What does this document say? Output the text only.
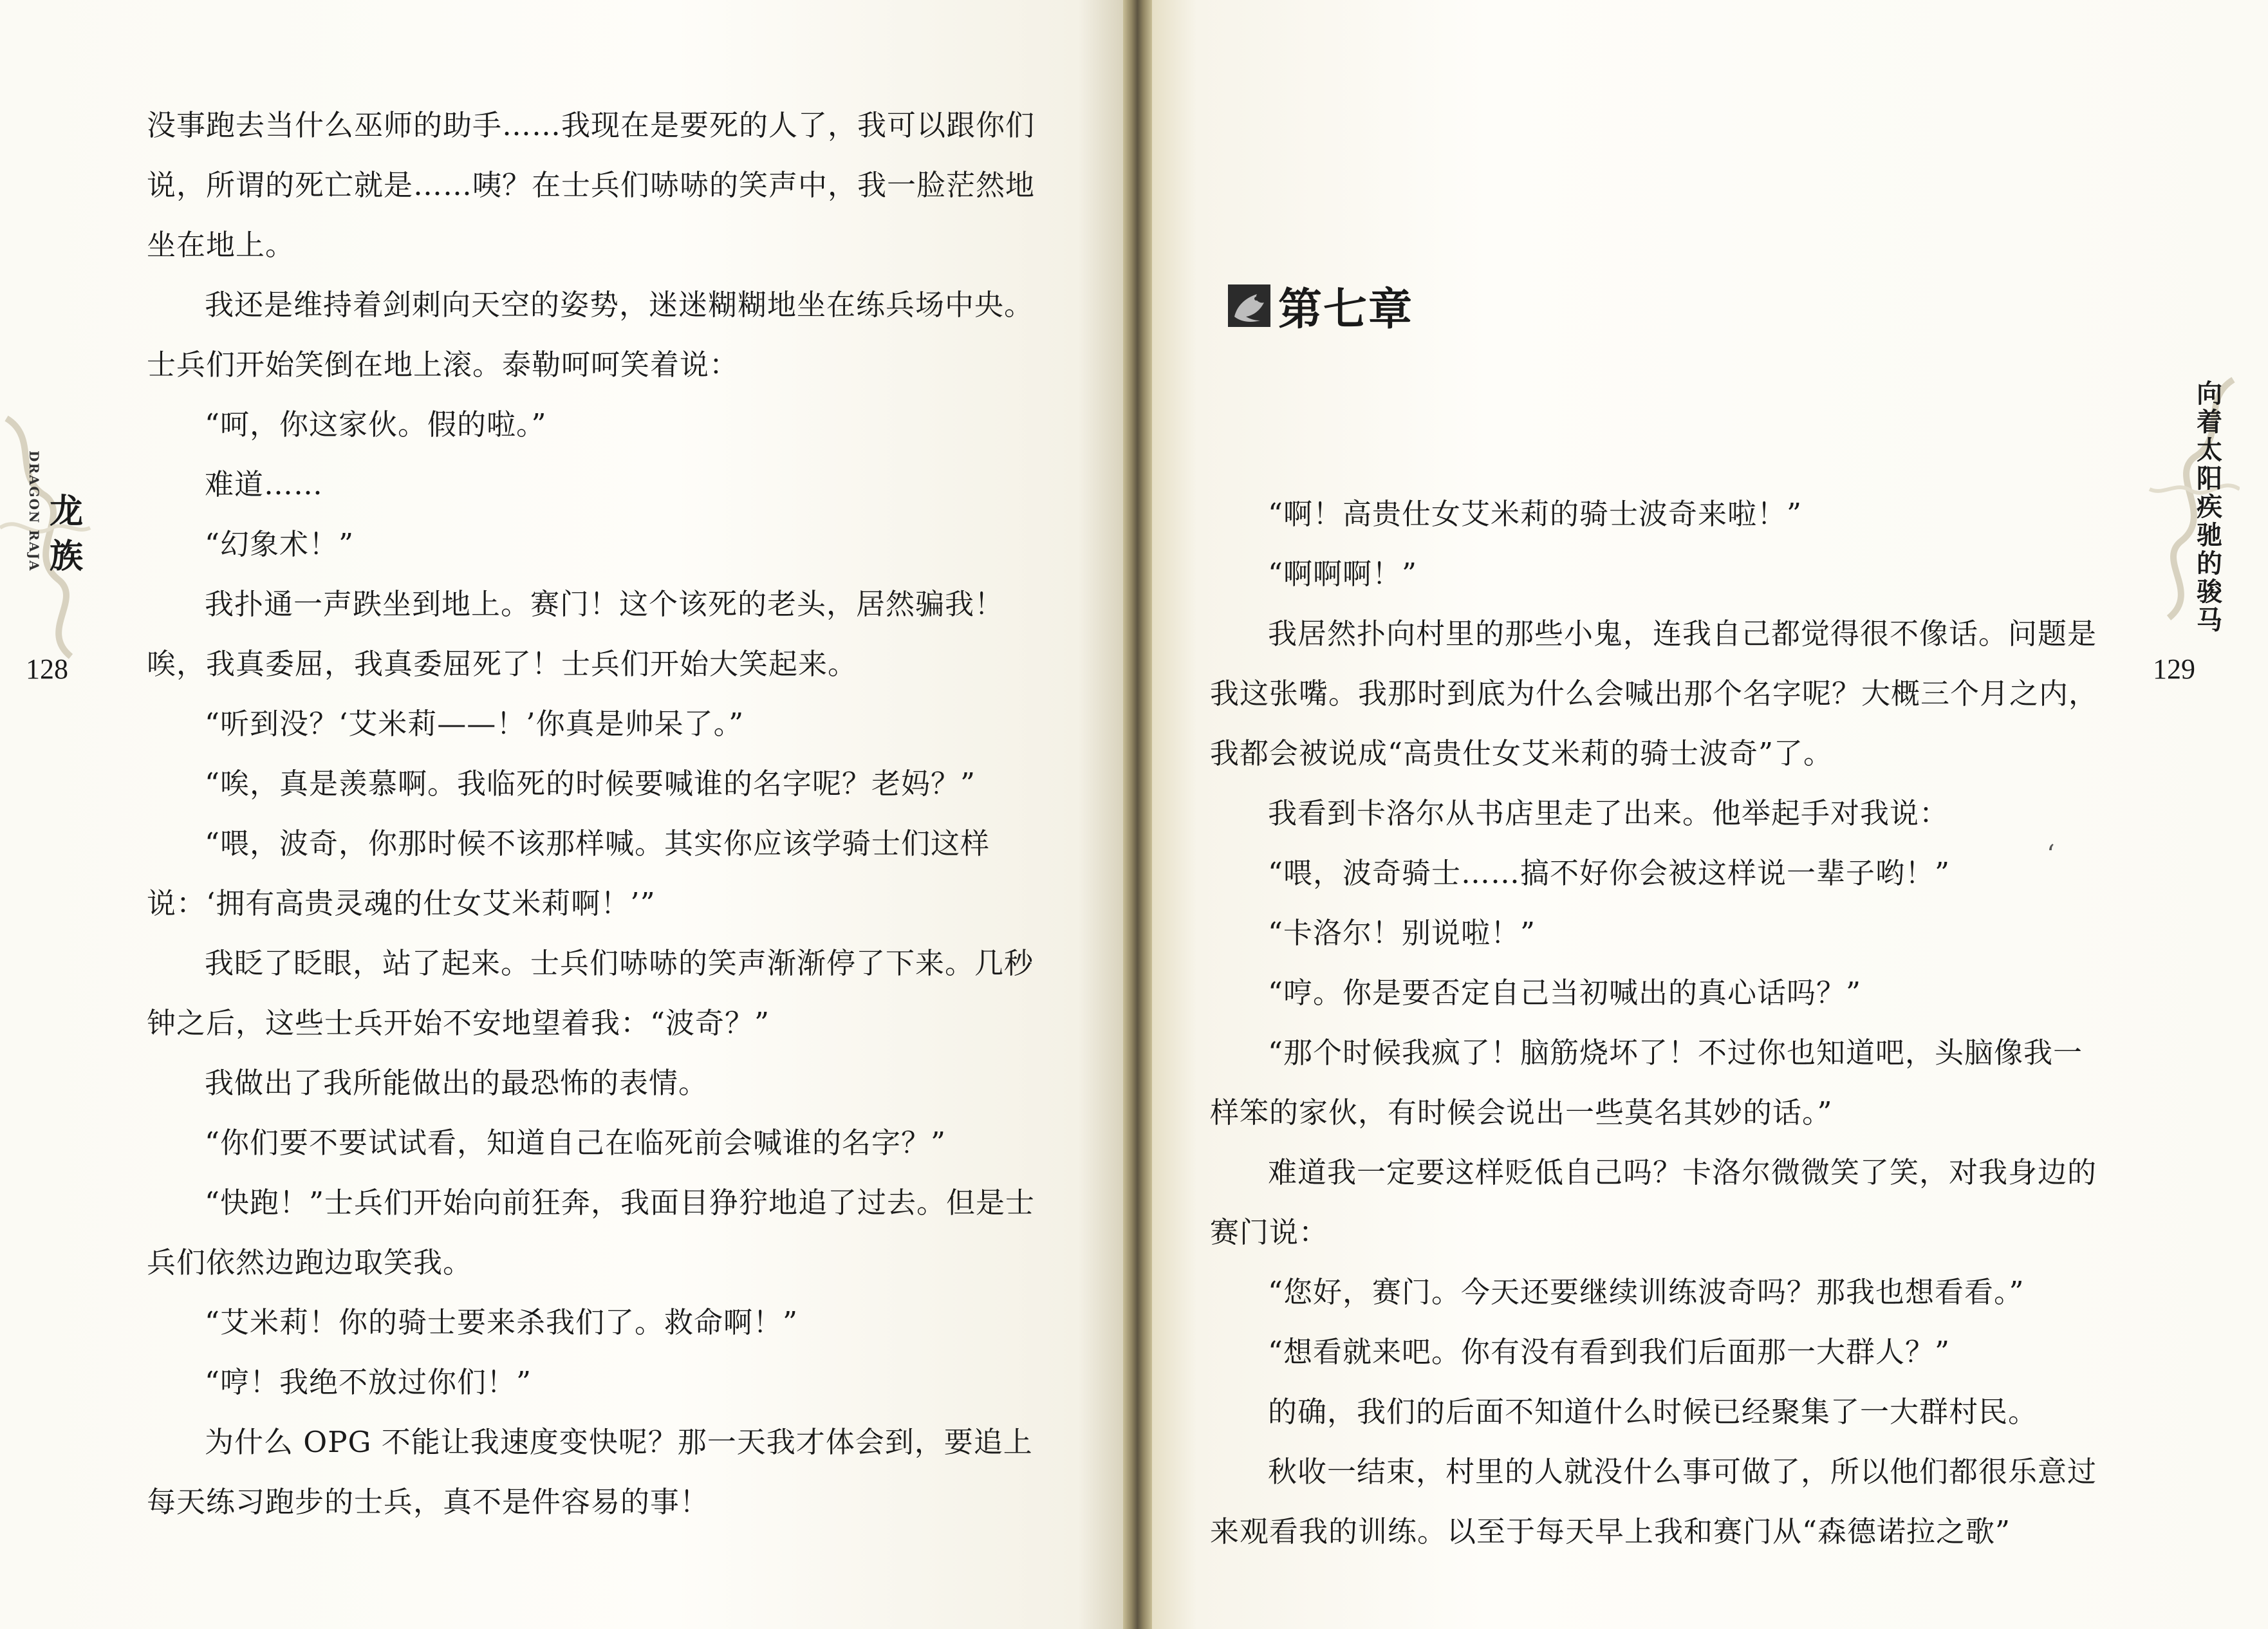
DRAGON RAJA 龙族
128

没事跑去当什么巫师的助手……我现在是要死的人了，我可以跟你们说，所谓的死亡就是……咦？在士兵们哧哧的笑声中，我一脸茫然地坐在地上。

我还是维持着剑刺向天空的姿势，迷迷糊糊地坐在练兵场中央。士兵们开始笑倒在地上滚。泰勒呵呵笑着说：

“呵，你这家伙。假的啦。”

难道……

“幻象术！”

我扑通一声跌坐到地上。赛门！这个该死的老头，居然骗我！唉，我真委屈，我真委屈死了！士兵们开始大笑起来。

“听到没？‘艾米莉——！’你真是帅呆了。”

“唉，真是羡慕啊。我临死的时候要喊谁的名字呢？老妈？”

“喂，波奇，你那时候不该那样喊。其实你应该学骑士们这样说：‘拥有高贵灵魂的仕女艾米莉啊！’”

我眨了眨眼，站了起来。士兵们哧哧的笑声渐渐停了下来。几秒钟之后，这些士兵开始不安地望着我：“波奇？”

我做出了我所能做出的最恐怖的表情。

“你们要不要试试看，知道自己在临死前会喊谁的名字？”

“快跑！”士兵们开始向前狂奔，我面目狰狞地追了过去。但是士兵们依然边跑边取笑我。

“艾米莉！你的骑士要来杀我们了。救命啊！”

“哼！我绝不放过你们！”

为什么 OPG 不能让我速度变快呢？那一天我才体会到，要追上每天练习跑步的士兵，真不是件容易的事！

第七章
向着太阳疾驰的骏马
129
ʻ

“啊！高贵仕女艾米莉的骑士波奇来啦！”

“啊啊啊！”

我居然扑向村里的那些小鬼，连我自己都觉得很不像话。问题是我这张嘴。我那时到底为什么会喊出那个名字呢？大概三个月之内，我都会被说成“高贵仕女艾米莉的骑士波奇”了。

我看到卡洛尔从书店里走了出来。他举起手对我说：

“喂，波奇骑士……搞不好你会被这样说一辈子哟！”

“卡洛尔！别说啦！”

“哼。你是要否定自己当初喊出的真心话吗？”

“那个时候我疯了！脑筋烧坏了！不过你也知道吧，头脑像我一样笨的家伙，有时候会说出一些莫名其妙的话。”

难道我一定要这样贬低自己吗？卡洛尔微微笑了笑，对我身边的赛门说：

“您好，赛门。今天还要继续训练波奇吗？那我也想看看。”

“想看就来吧。你有没有看到我们后面那一大群人？”

的确，我们的后面不知道什么时候已经聚集了一大群村民。

秋收一结束，村里的人就没什么事可做了，所以他们都很乐意过来观看我的训练。以至于每天早上我和赛门从“森德诺拉之歌”
